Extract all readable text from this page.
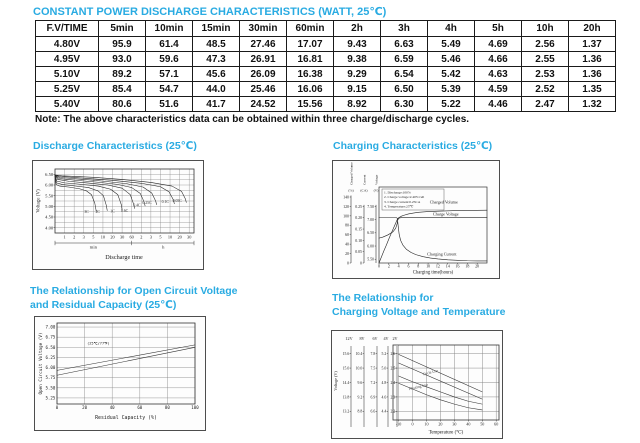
CONSTANT POWER DISCHARGE CHARACTERISTICS (WATT, 25℃)
F.V/TIME	5min	10min	15min	30min	60min	2h	3h	4h	5h	10h	20h
4.80V	95.9	61.4	48.5	27.46	17.07	9.43	6.63	5.49	4.69	2.56	1.37
4.95V	93.0	59.6	47.3	26.91	16.81	9.38	6.59	5.46	4.66	2.55	1.36
5.10V	89.2	57.1	45.6	26.09	16.38	9.29	6.54	5.42	4.63	2.53	1.36
5.25V	85.4	54.7	44.0	25.46	16.06	9.15	6.50	5.39	4.59	2.52	1.35
5.40V	80.6	51.6	41.7	24.52	15.56	8.92	6.30	5.22	4.46	2.47	1.32
Note: The above characteristics data can be obtained within three charge/discharge cycles.
Discharge Characteristics (25℃)	Charging Characteristics (25℃)
The Relationship for Open Circuit Voltage
and Residual Capacity (25℃)
The Relationship for
Charging Voltage and Temperature
6.50
6.00
5.50
5.00
4.50
4.00
Voltage (V)
1 2 3 5 10 20 30 60 2 3 5 10 20 30
min	h
Discharge time
3C 2C	1C 0.6C
0.4C
0.25C	0.1C 0.05C
0
20
40
60
80
100
120
140
Charged Volume
(%)
0
0.05
0.10
0.15
0.20
0.25
Current
(CA)
5.50
6.00
6.50
7.00
7.50
Voltage
(V)
0 2 4 6 8 10 12 14 16 18 20
Charging time(hours)
1. Discharge:100%
2. Charge voltage:2.40V/cell
3. Charge current:0.25CA
4. Temperature:25℃
Charged Volume
Charge Voltage
Charging Current
7.00
6.75
6.50
6.25
6.00
5.75
5.50
5.25
0	20	40	60	80	100
Residual Capacity (%)
Open Circuit Voltage (V)	(25℃/77℉)
12V
15.6
15.0
14.4
13.8
13.2
8V
10.4
10.0
9.6
9.2
8.8
6V
7.8
7.5
7.2
6.9
6.6
4V
5.2
5.0
4.8
4.6
4.4
2V
2.6
2.5
2.4
2.3
2.2
Voltage (V)
-10 0	10 20 30 40 50 60
Temperature (℃)
Cycle Use
Floating Use
